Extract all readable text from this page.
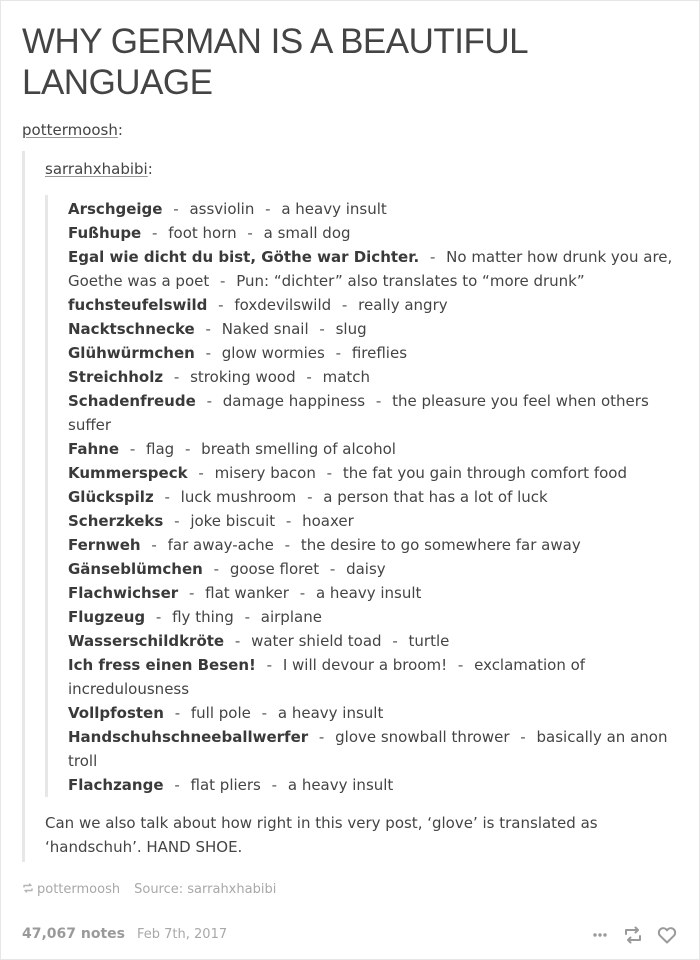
WHY GERMAN IS A BEAUTIFUL LANGUAGE
pottermoosh:
sarrahxhabibi:
Arschgeige - assviolin - a heavy insult
Fußhupe - foot horn - a small dog
Egal wie dicht du bist, Göthe war Dichter. - No matter how drunk you are, Goethe was a poet - Pun: “dichter” also translates to “more drunk”
fuchsteufelswild - foxdevilswild - really angry
Nacktschnecke - Naked snail - slug
Glühwürmchen - glow wormies - fireflies
Streichholz - stroking wood - match
Schadenfreude - damage happiness - the pleasure you feel when others suffer
Fahne - flag - breath smelling of alcohol
Kummerspeck - misery bacon - the fat you gain through comfort food
Glückspilz - luck mushroom - a person that has a lot of luck
Scherzkeks - joke biscuit - hoaxer
Fernweh - far away-ache - the desire to go somewhere far away
Gänseblümchen - goose floret - daisy
Flachwichser - flat wanker - a heavy insult
Flugzeug - fly thing - airplane
Wasserschildkröte - water shield toad - turtle
Ich fress einen Besen! - I will devour a broom! - exclamation of incredulousness
Vollpfosten - full pole - a heavy insult
Handschuhschneeballwerfer - glove snowball thrower - basically an anon troll
Flachzange - flat pliers - a heavy insult
Can we also talk about how right in this very post, ‘glove’ is translated as ‘handschuh’. HAND SHOE.
pottermoosh Source: sarrahxhabibi
47,067 notes Feb 7th, 2017
